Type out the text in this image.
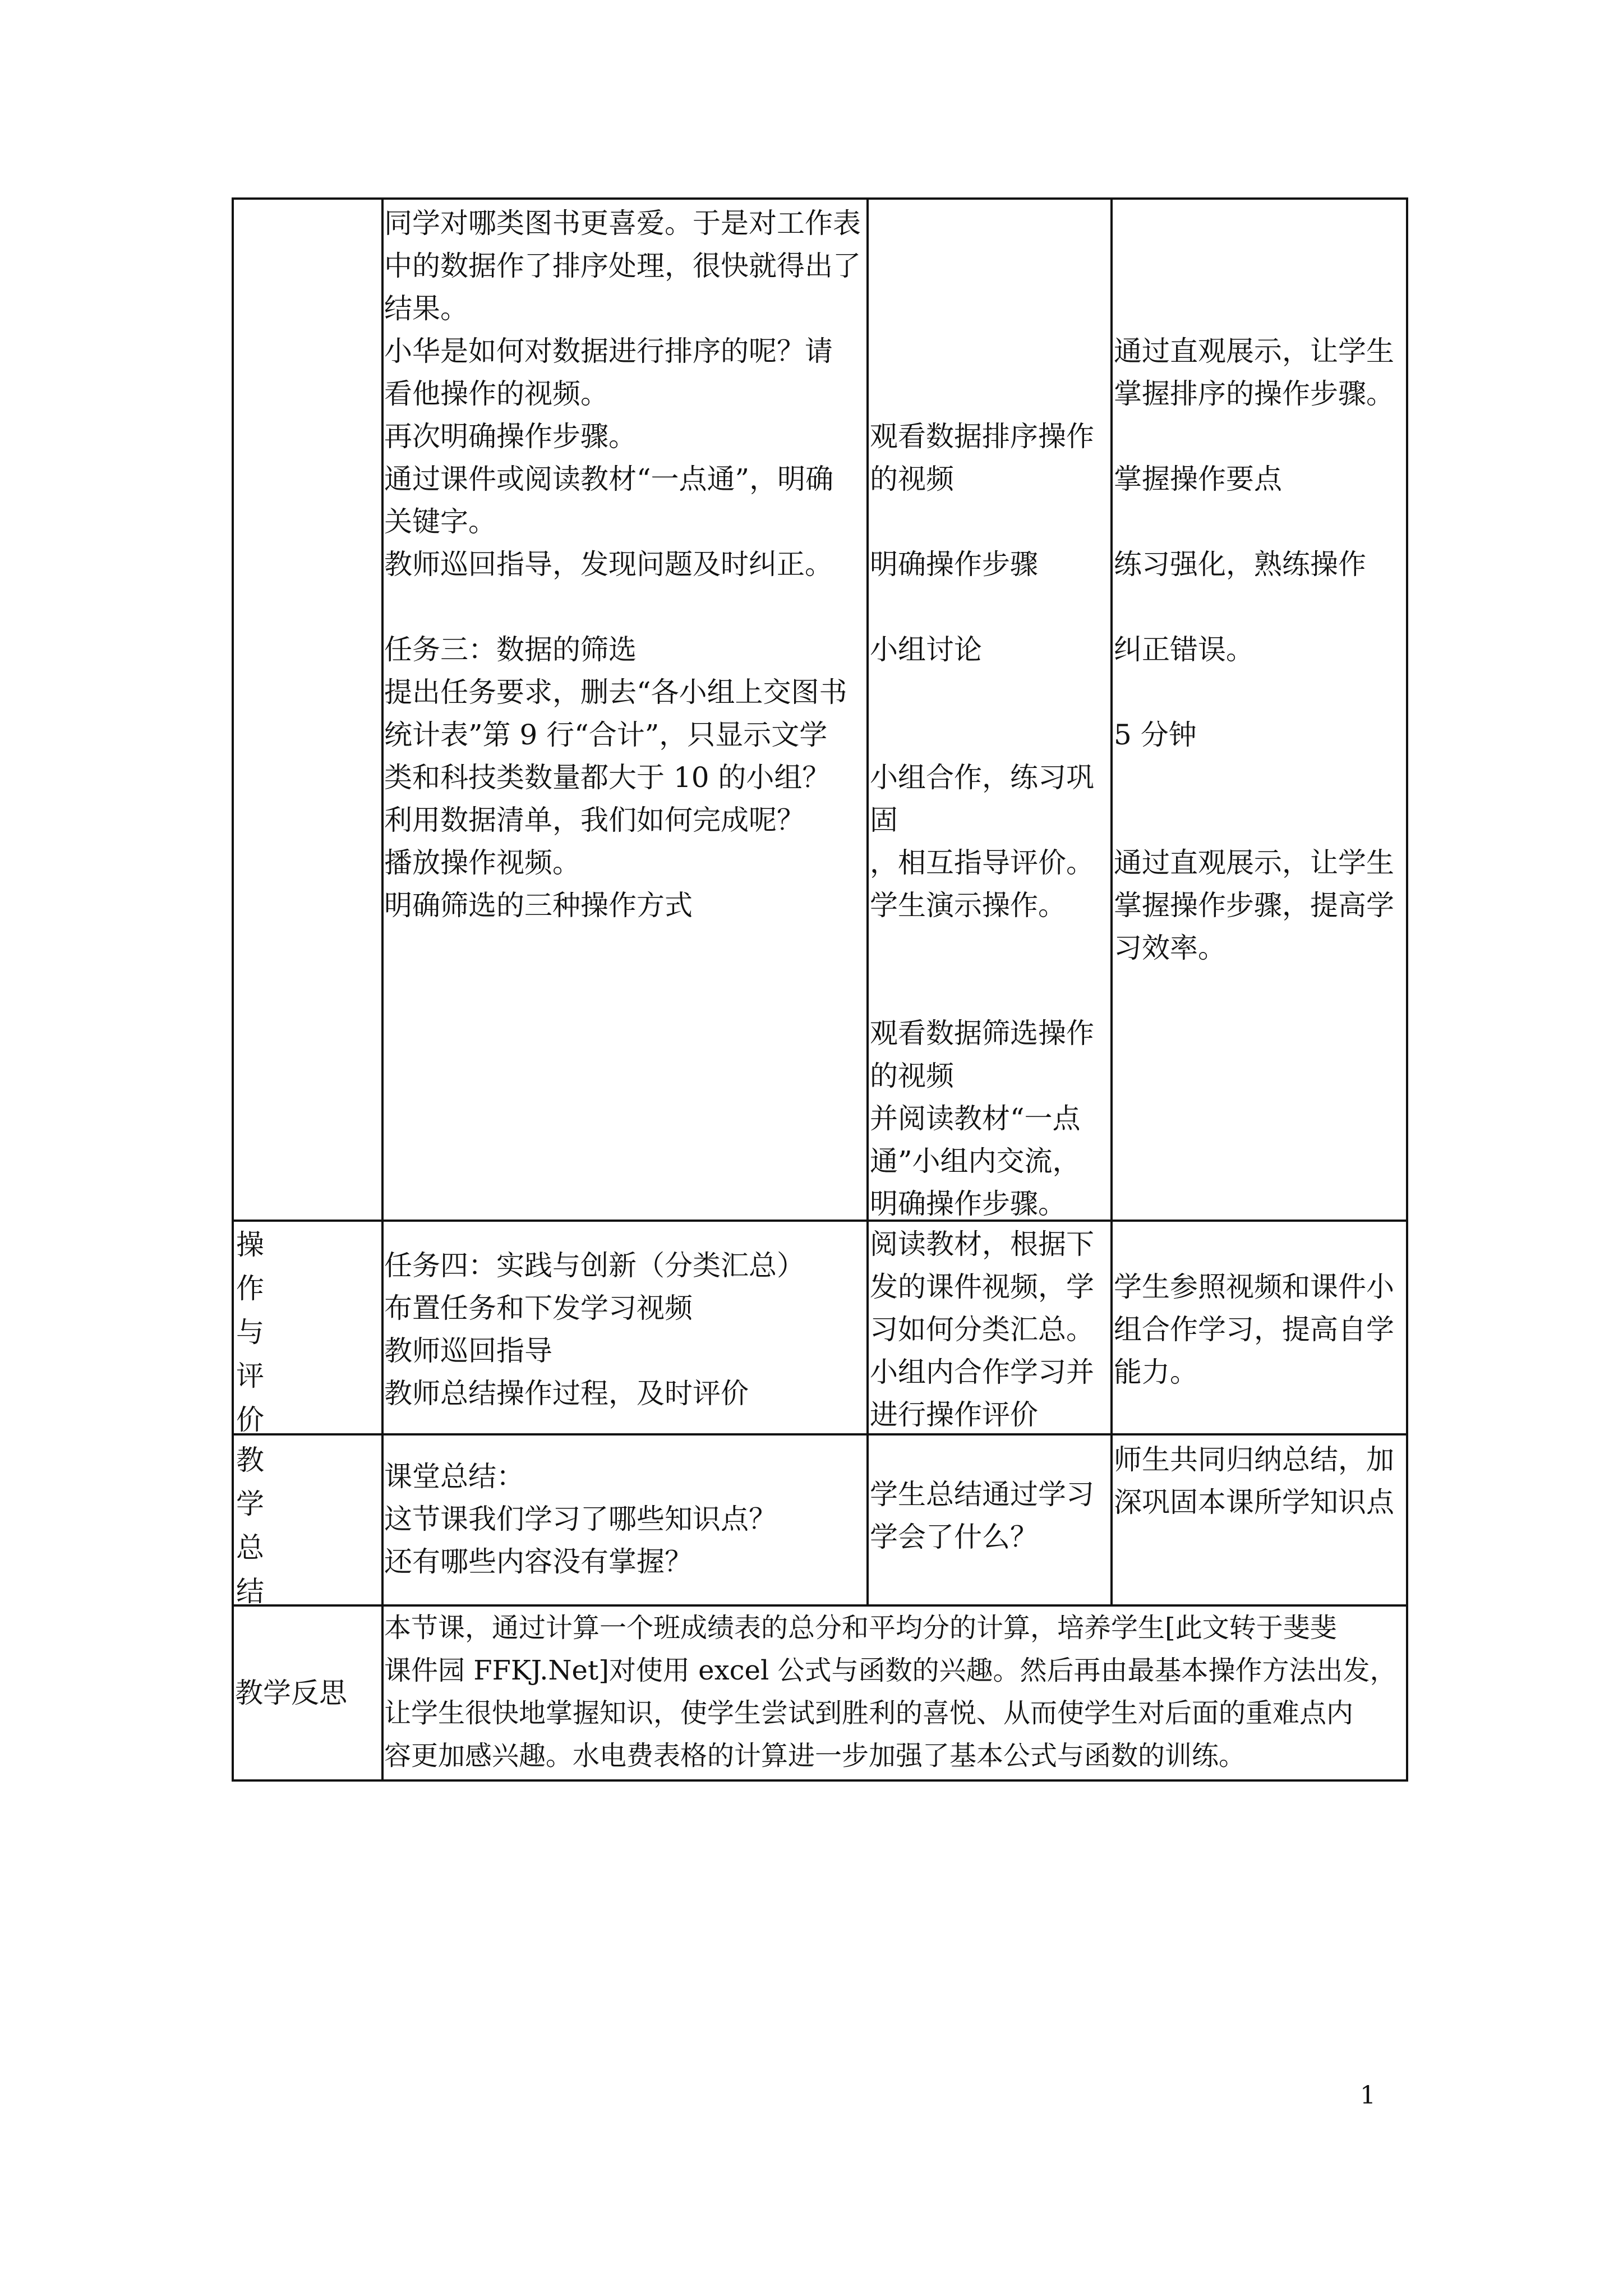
同学对哪类图书更喜爱。于是对工作表
中的数据作了排序处理，很快就得出了
结果。
小华是如何对数据进行排序的呢？请
看他操作的视频。
再次明确操作步骤。
通过课件或阅读教材“一点通”，明确
关键字。
教师巡回指导，发现问题及时纠正。

任务三：数据的筛选
提出任务要求，删去“各小组上交图书
统计表”第 9 行“合计”，只显示文学
类和科技类数量都大于 10 的小组？
利用数据清单，我们如何完成呢？
播放操作视频。
明确筛选的三种操作方式
观看数据排序操作
的视频

明确操作步骤

小组讨论

小组合作，练习巩
固
，相互指导评价。
学生演示操作。

观看数据筛选操作
的视频
并阅读教材“一点
通”小组内交流，
明确操作步骤。
通过直观展示，让学生
掌握排序的操作步骤。

掌握操作要点

练习强化，熟练操作

纠正错误。

5 分钟

通过直观展示，让学生
掌握操作步骤，提高学
习效率。
操
作
与
评
价
任务四：实践与创新（分类汇总）
布置任务和下发学习视频
教师巡回指导
教师总结操作过程，及时评价
阅读教材，根据下
发的课件视频，学
习如何分类汇总。
小组内合作学习并
进行操作评价
学生参照视频和课件小
组合作学习，提高自学
能力。
教
学
总
结
课堂总结：
这节课我们学习了哪些知识点？
还有哪些内容没有掌握？
学生总结通过学习
学会了什么？
师生共同归纳总结，加
深巩固本课所学知识点
教学反思
本节课，通过计算一个班成绩表的总分和平均分的计算，培养学生[此文转于斐斐
课件园 FFKJ.Net]对使用 excel 公式与函数的兴趣。然后再由最基本操作方法出发，
让学生很快地掌握知识，使学生尝试到胜利的喜悦、从而使学生对后面的重难点内
容更加感兴趣。水电费表格的计算进一步加强了基本公式与函数的训练。
1
